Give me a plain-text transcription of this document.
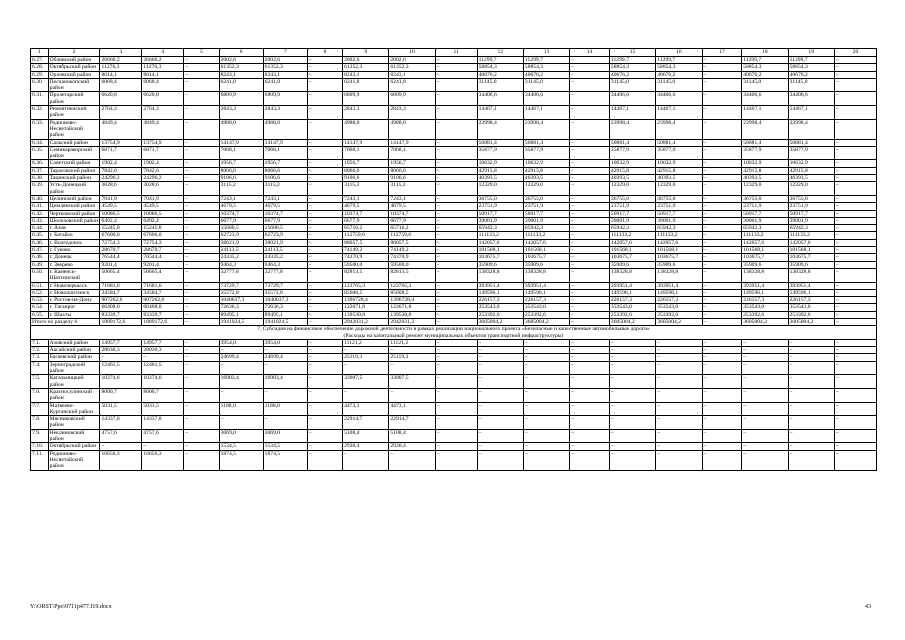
1	2	3	4	5	6	7	8	9	10	11	12	13	14	15	16	17	18	19	20
6.27.	Обливский район	26660,2	26660,2	–	2002,6	2002,6	–	2002,6	2002,6	–	11299,7	11299,7	–	11299,7	11299,7	–	11299,7	11299,7	–
6.28.	Октябрьский район	11276,3	11276,3	–	61352,3	61352,3	–	61352,3	61352,3	–	58854,3	58854,3	–	58854,3	58854,3	–	58854,3	58854,3	–
6.29.	Орловский район	8014,1	8014,1	–	8243,1	8243,1	–	8243,1	8243,1	–	40676,2	40676,2	–	40676,2	40676,2	–	40676,2	40676,2	–
6.30.	Песчанокопский район	6068,4	6068,4	–	6241,8	6241,8	–	6241,8	6241,8	–	31145,0	31145,0	–	31145,0	31145,0	–	31145,0	31145,0	–
6.31.	Пролетарский район	6620,8	6620,8	–	6809,9	6809,9	–	6809,9	6809,9	–	34406,6	34406,6	–	34406,6	34406,6	–	34406,6	34406,6	–
6.32.	Ремонтненский район	2764,3	2764,3	–	2843,3	2843,3	–	2843,3	2843,3	–	14467,1	14467,1	–	14467,1	14467,1	–	14467,1	14467,1	–
6.33.	Родионово-Несветайский район	4849,4	4849,4	–	4988,0	4988,0	–	4988,0	4988,0	–	23998,4	23998,4	–	23998,4	23998,4	–	23998,4	23998,4	–
6.34.	Сальский район	13754,9	13754,9	–	14147,9	14147,9	–	14147,9	14147,9	–	50881,4	50881,4	–	50881,4	50881,4	–	50881,4	50881,4	–
6.35.	Семикаракорский район	6871,7	6871,7	–	7068,1	7068,1	–	7068,1	7068,1	–	35877,9	35877,9	–	35877,9	35877,9	–	35877,9	35877,9	–
6.36.	Советский район	1902,4	1902,4	–	1956,7	1956,7	–	1956,7	1956,7	–	10632,9	10632,9	–	10632,9	10632,9	–	10632,9	10632,9	–
6.37.	Тарасовский район	7842,6	7842,6	–	8066,6	8066,6	–	8066,6	8066,6	–	42915,8	42915,8	–	42915,8	42915,8	–	42915,8	42915,8	–
6.38.	Тацинский район	24296,2	24296,2	–	9106,6	9106,6	–	9106,6	9106,6	–	40393,5	40393,5	–	40393,5	40393,5	–	40393,5	40393,5	–
6.39.	Усть-Донецкий район	3028,6	3028,6	–	3115,2	3115,2	–	3115,2	3115,2	–	12329,0	12329,0	–	12329,0	12329,0	–	12329,0	12329,0	–
6.40.	Целинский район	7041,9	7041,9	–	7243,1	7243,1	–	7243,1	7243,1	–	36755,0	36755,0	–	36755,0	36755,0	–	36755,0	36755,0	–
6.41.	Цимлянский район	4549,5	4549,5	–	4679,5	4679,5	–	4679,5	4679,5	–	23751,9	23751,9	–	23751,9	23751,9	–	23751,9	23751,9	–
6.42.	Чертковский район	10086,5	10086,5	–	10374,7	10374,7	–	10374,7	10374,7	–	50917,7	50917,7	–	50917,7	50917,7	–	50917,7	50917,7	–
6.43.	Шолоховский район	6492,4	6492,4	–	6677,9	6677,9	–	6677,9	6677,9	–	39001,9	39001,9	–	39001,9	39001,9	–	39001,9	39001,9	–
6.44.	г. Азов	15245,0	15245,0	–	15680,5	15680,5	–	65716,2	65716,2	–	65942,3	65942,3	–	65942,3	65942,3	–	65942,3	65942,3	–
6.45.	г. Батайск	67606,0	67606,0	–	62723,9	62723,9	–	112759,6	112759,6	–	111133,2	111133,2	–	111133,2	111133,2	–	111133,2	111133,2	–
6.46.	г. Волгодонск	72754,3	72754,3	–	38021,9	38021,9	–	88057,5	88057,5	–	142057,6	142057,6	–	142057,6	142057,6	–	142057,6	142057,6	–
6.47.	г. Гуково	28670,7	28670,7	–	24113,5	24113,5	–	74149,2	74149,2	–	101568,1	101568,1	–	101568,1	101568,1	–	101568,1	101568,1	–
6.48.	г. Донецк	76544,4	76544,4	–	24335,2	24335,2	–	74370,9	74370,9	–	103675,7	103675,7	–	103675,7	103675,7	–	103675,7	103675,7	–
6.49.	г. Зверево	9201,4	9201,4	–	9464,3	9464,3	–	59500,0	59500,0	–	35909,6	35909,6	–	35909,6	35909,6	–	35909,6	35909,6	–
6.50.	г. Каменск-Шахтинский	50665,4	50665,4	–	32777,8	32777,8	–	82813,5	82813,5	–	138328,8	138328,8	–	138328,8	138328,8	–	138328,8	138328,8	–
6.51.	г. Новочеркасск	71681,6	71681,6	–	73729,7	73729,7	–	123765,3	123765,3	–	393951,4	393951,4	–	393951,4	393951,4	–	393951,4	393951,4	–
6.52.	г. Новошахтинск	34584,7	34584,7	–	35572,8	35572,8	–	85608,5	85608,5	–	149596,1	149596,1	–	149596,1	149596,1	–	149596,1	149596,1	–
6.53.	г. Ростов-на-Дону	907262,6	907262,6	–	1040637,3	1040637,3	–	1396728,4	1396728,4	–	226157,3	226157,3	–	226157,3	226157,3	–	226157,3	226157,3	–
6.54.	г. Таганрог	66408,0	66408,0	–	72636,3	72636,3	–	122671,8	122671,8	–	353543,0	353543,0	–	353543,0	353543,0	–	353543,0	353543,0	–
6.55.	г. Шахты	83339,7	83339,7	–	89495,1	89495,1	–	139530,8	139530,8	–	253392,6	253392,6	–	253392,6	253392,6	–	253392,6	253392,6	–
Итого по разделу 6		1889172,6	1889172,6	–	1941024,5	1941024,5	–	2942031,2	2942031,2	–	3605004,2	3605004,2	–	3605004,2	3605004,2	–	3605004,2	3605004,2	–

7. Субсидия на финансовое обеспечение дорожной деятельности в рамках реализации национального проекта «Безопасные и качественные автомобильные дороги»
(Расходы на капитальный ремонт муниципальных объектов транспортной инфраструктуры)																			

7.1.	Азовский район	14957,7	14957,7	–	3954,0	3954,0	–	11121,2	11121,2	–	–	–	–	–	–	–	–	–	–
7.2.	Аксайский район	28030,3	28030,3	–	–	–	–	–	–	–	–	–	–	–	–	–	–	–	–
7.3.	Багаевский район	–	–	–	24699,4	24699,4	–	25119,3	25119,3	–	–	–	–	–	–	–	–	–	–
7.4.	Зерноградский район	12461,5	12461,5	–	–	–	–	–	–	–	–	–	–	–	–	–	–	–	–
7.5.	Кагальницкий район	10274,6	10274,6	–	16903,4	16903,4	–	33907,5	33907,5	–	–	–	–	–	–	–	–	–	–
7.6.	Красносулинский район	8000,7	8000,7	–	–	–	–	–	–	–	–	–	–	–	–	–	–	–	–
7.7.	Матвеево-Курганский район	5031,5	5031,5	–	1188,0	1188,0	–	4473,1	4473,1	–	–	–	–	–	–	–	–	–	–
7.8.	Мясниковский район	14337,8	14337,8	–	–	–	–	22914,7	22914,7	–	–	–	–	–	–	–	–	–	–
7.9.	Неклиновский район	4757,6	4757,6	–	3069,0	3069,0	–	5108,4	5108,4	–	–	–	–	–	–	–	–	–	–
7.10.	Октябрьский район	–	–	–	1534,5	1534,5	–	2930,4	2930,4	–	–	–	–	–	–	–	–	–	–
7.11.	Родионово-Несветайский район	16656,3	16656,3	–	1874,5	1874,5	–	–	–	–	–	–	–	–	–	–	–	–	–
Y:\ORST\Ppo\0711p477.f19.docx	43
